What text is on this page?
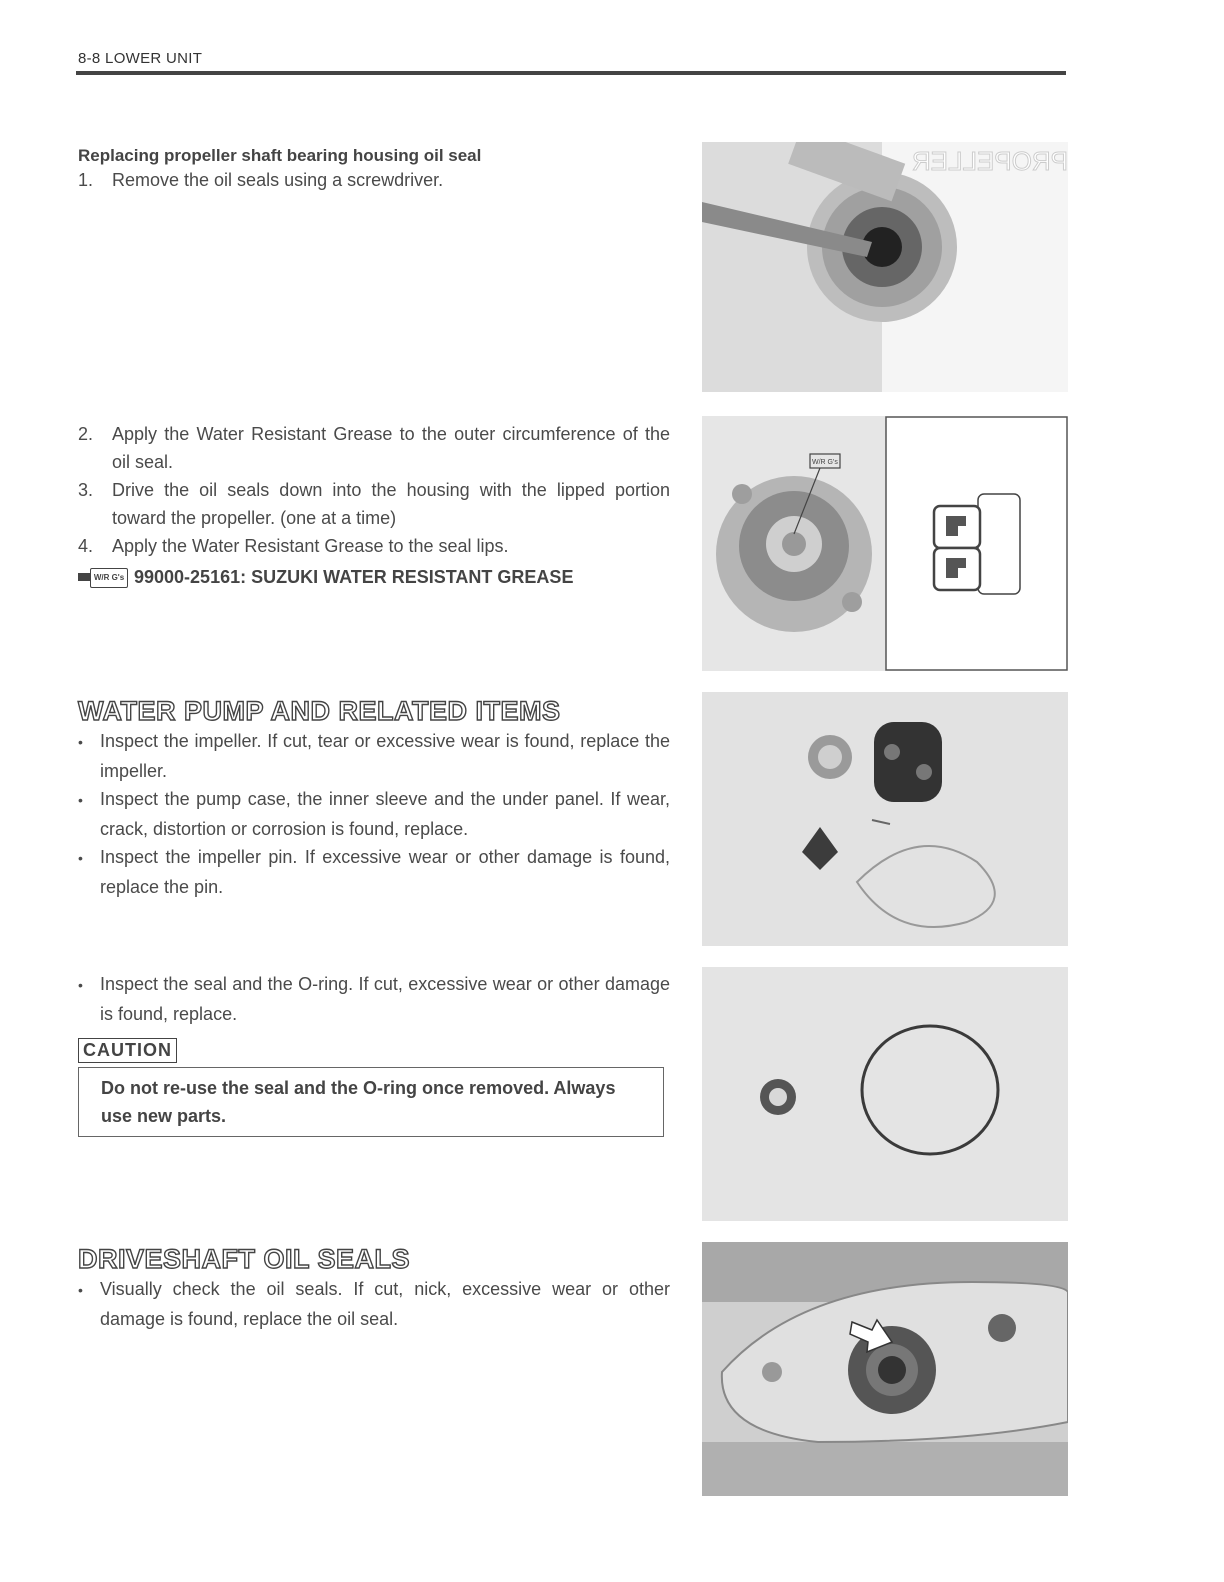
8-8 LOWER UNIT

Replacing propeller shaft bearing housing oil seal

1. Remove the oil seals using a screwdriver.

2. Apply the Water Resistant Grease to the outer circumference of the oil seal.

3. Drive the oil seals down into the housing with the lipped portion toward the propeller. (one at a time)

4. Apply the Water Resistant Grease to the seal lips.

W/R G's 99000-25161: SUZUKI WATER RESISTANT GREASE

WATER PUMP AND RELATED ITEMS

• Inspect the impeller. If cut, tear or excessive wear is found, replace the impeller.

• Inspect the pump case, the inner sleeve and the under panel. If wear, crack, distortion or corrosion is found, replace.

• Inspect the impeller pin. If excessive wear or other damage is found, replace the pin.

• Inspect the seal and the O-ring. If cut, excessive wear or other damage is found, replace.

CAUTION
Do not re-use the seal and the O-ring once removed. Always use new parts.

DRIVESHAFT OIL SEALS

• Visually check the oil seals. If cut, nick, excessive wear or other damage is found, replace the oil seal.

PROPELLER
W/R G's
